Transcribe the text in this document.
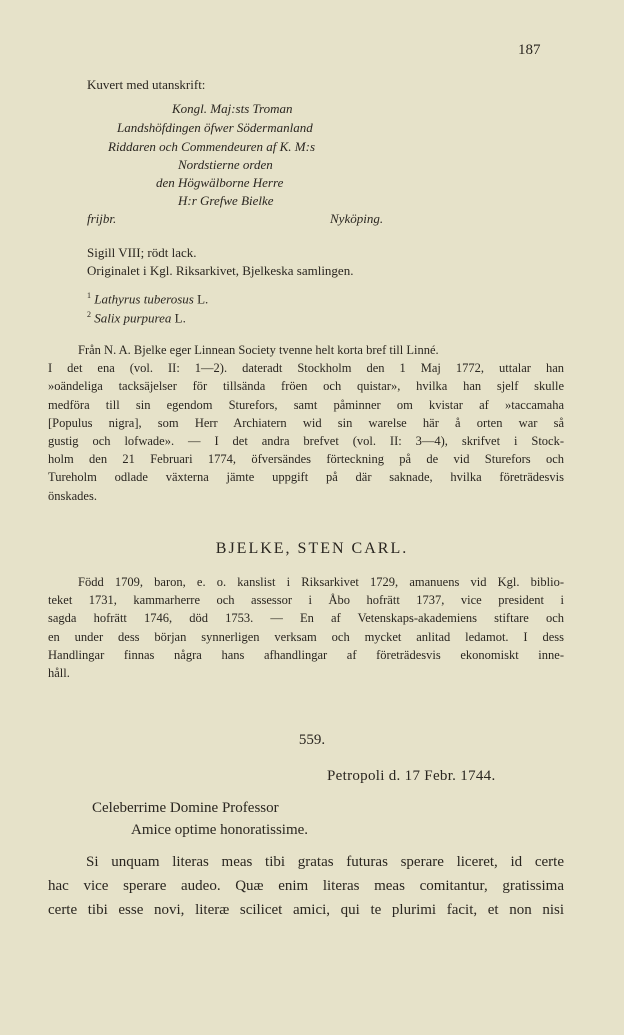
187
Kuvert med utanskrift:
Kongl. Maj:sts Troman
Landshöfdingen öfwer Södermanland
Riddaren och Commendeuren af K. M:s
Nordstierne orden
den Högwälborne Herre
H:r Grefwe Bielke
frijbr.	Nyköping.
Sigill VIII; rödt lack.
Originalet i Kgl. Riksarkivet, Bjelkeska samlingen.
$^1$ Lathyrus tuberosus L.
$^2$ Salix purpurea L.

Från N. A. Bjelke eger Linnean Society tvenne helt korta bref till Linné.

I det ena (vol. II: 1—2). dateradt Stockholm den 1 Maj 1772, uttalar han

»oändeliga tacksäjelser för tillsända fröen och quistar», hvilka han sjelf skulle

medföra till sin egendom Sturefors, samt påminner om kvistar af »taccamaha

[Populus nigra], som Herr Archiatern wid sin warelse här å orten war så

gustig och lofwade». — I det andra brefvet (vol. II: 3—4), skrifvet i Stock-

holm den 21 Februari 1774, öfversändes förteckning på de vid Sturefors och

Tureholm odlade växterna jämte uppgift på där saknade, hvilka företrädesvis

önskades.

BJELKE, STEN CARL.

Född 1709, baron, e. o. kanslist i Riksarkivet 1729, amanuens vid Kgl. biblio-

teket 1731, kammarherre och assessor i Åbo hofrätt 1737, vice president i

sagda hofrätt 1746, död 1753. — En af Vetenskaps-akademiens stiftare och

en under dess början synnerligen verksam och mycket anlitad ledamot. I dess

Handlingar finnas några hans afhandlingar af företrädesvis ekonomiskt inne-

håll.

559.
Petropoli d. 17 Febr. 1744.
Celeberrime Domine Professor
Amice optime honoratissime.

Si unquam literas meas tibi gratas futuras sperare liceret, id certe

hac vice sperare audeo. Quæ enim literas meas comitantur, gratissima

certe tibi esse novi, literæ scilicet amici, qui te plurimi facit, et non nisi
